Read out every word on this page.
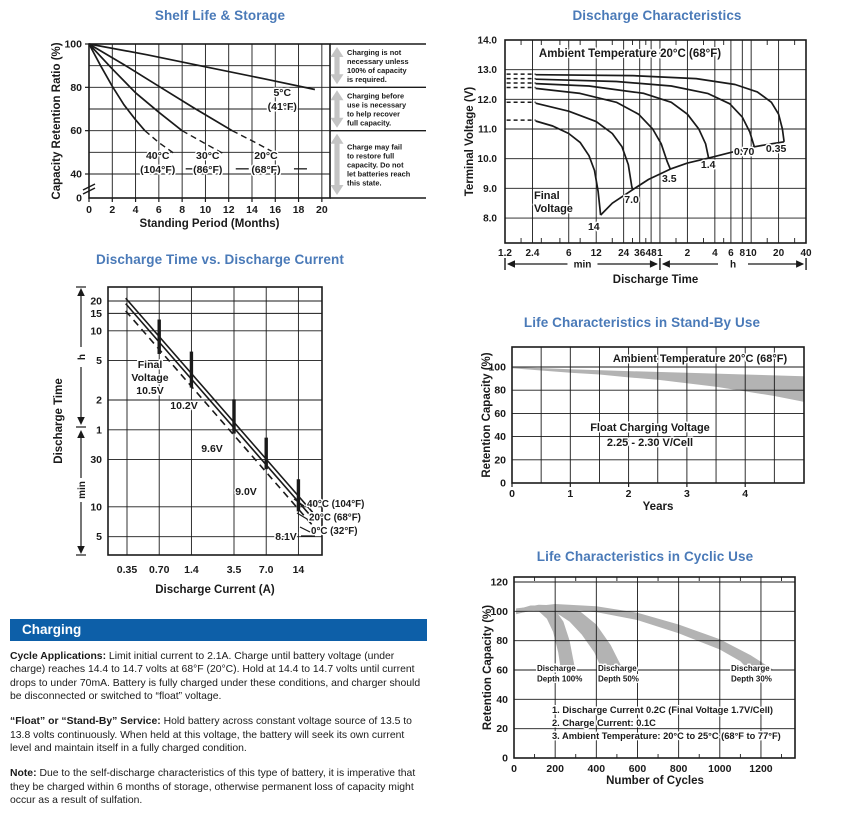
Shelf Life & Storage	Discharge Characteristics
Discharge Time vs. Discharge Current
Life Characteristics in Stand-By Use
Life Characteristics in Cyclic Use
0 2 4 6 8 10 12 14 16 18 20
100
80
60
40
0
40°C
(104°F)
30°C
(86°F)
20°C
(68°F)
5°C
(41°F)
Standing Period (Months)
Capacity Retention Ratio (%)	Charging is not
necessary unless
100% of capacity
is required.
Charging before
use is necessary
to help recover
full capacity.
Charge may fail
to restore full
capacity. Do not
let batteries reach
this state.
1.2 2.4	6 12 24 36 48 1 2 4 6 8 10 20 40
14.0
13.0
12.0
11.0
10.0
9.0
8.0
0.35
0.70
1.4
3.5
7.0
14
Ambient Temperature 20°C (68°F)
Final
Voltage
min	h
Discharge Time
Terminal Voltage (V)
0.35 0.70 1.4	3.5 7.0 14
20
15
10
5
2
1
30
10
5
Final
Voltage
10.5V
10.2V
9.6V
9.0V
8.1V
40°C (104°F)
20°C (68°F)
0°C (32°F)
h
min
Discharge Current (A)
Discharge Time
0	1	2	3	4
0
20
40
60
80
100
Ambient Temperature 20°C (68°F)
Float Charging Voltage
2.25 - 2.30 V/Cell
Years
Retention Capacity (%)
0	200 400 600 800 1000 1200
0
20
40
60
80
100
120
Discharge
Depth 100%
Discharge
Depth 50%
Discharge
Depth 30%
1. Discharge Current 0.2C (Final Voltage 1.7V/Cell)
2. Charge Current: 0.1C
3. Ambient Temperature: 20°C to 25°C (68°F to 77°F)
Number of Cycles
Retention Capacity (%)
Charging

Cycle Applications: Limit initial current to 2.1A. Charge until battery voltage (under charge) reaches 14.4 to 14.7 volts at 68°F (20°C). Hold at 14.4 to 14.7 volts until current drops to under 70mA. Battery is fully charged under these conditions, and charger should be disconnected or switched to “float” voltage.

“Float” or “Stand-By” Service: Hold battery across constant voltage source of 13.5 to 13.8 volts continuously. When held at this voltage, the battery will seek its own current level and maintain itself in a fully charged condition.

Note: Due to the self-discharge characteristics of this type of battery, it is imperative that they be charged within 6 months of storage, otherwise permanent loss of capacity might occur as a result of sulfation.
